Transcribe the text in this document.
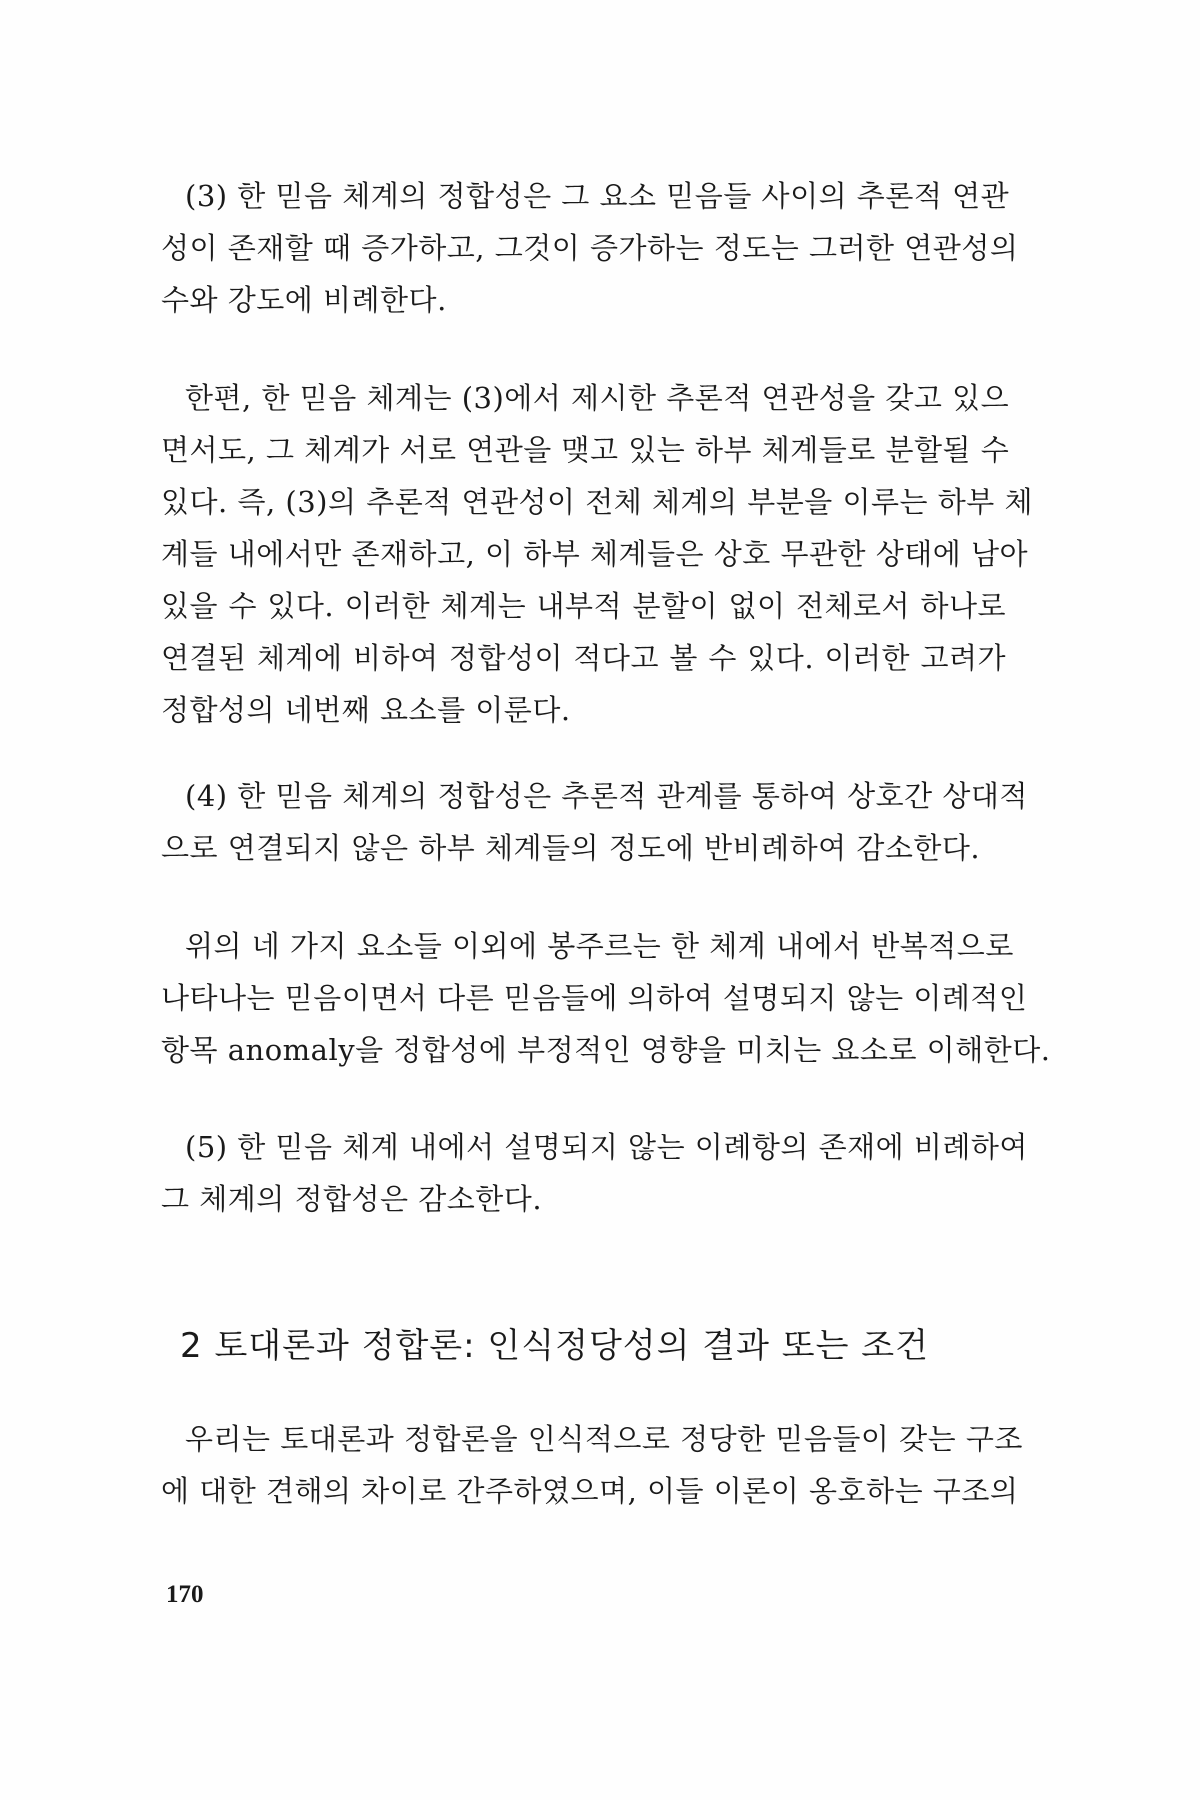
(3) 한 믿음 체계의 정합성은 그 요소 믿음들 사이의 추론적 연관
성이 존재할 때 증가하고, 그것이 증가하는 정도는 그러한 연관성의
수와 강도에 비례한다.
한편, 한 믿음 체계는 (3)에서 제시한 추론적 연관성을 갖고 있으
면서도, 그 체계가 서로 연관을 맺고 있는 하부 체계들로 분할될 수
있다. 즉, (3)의 추론적 연관성이 전체 체계의 부분을 이루는 하부 체
계들 내에서만 존재하고, 이 하부 체계들은 상호 무관한 상태에 남아
있을 수 있다. 이러한 체계는 내부적 분할이 없이 전체로서 하나로
연결된 체계에 비하여 정합성이 적다고 볼 수 있다. 이러한 고려가
정합성의 네번째 요소를 이룬다.
(4) 한 믿음 체계의 정합성은 추론적 관계를 통하여 상호간 상대적
으로 연결되지 않은 하부 체계들의 정도에 반비례하여 감소한다.
위의 네 가지 요소들 이외에 봉주르는 한 체계 내에서 반복적으로
나타나는 믿음이면서 다른 믿음들에 의하여 설명되지 않는 이례적인
항목 anomaly을 정합성에 부정적인 영향을 미치는 요소로 이해한다.
(5) 한 믿음 체계 내에서 설명되지 않는 이례항의 존재에 비례하여
그 체계의 정합성은 감소한다.
2 토대론과 정합론: 인식정당성의 결과 또는 조건
우리는 토대론과 정합론을 인식적으로 정당한 믿음들이 갖는 구조
에 대한 견해의 차이로 간주하였으며, 이들 이론이 옹호하는 구조의
170
